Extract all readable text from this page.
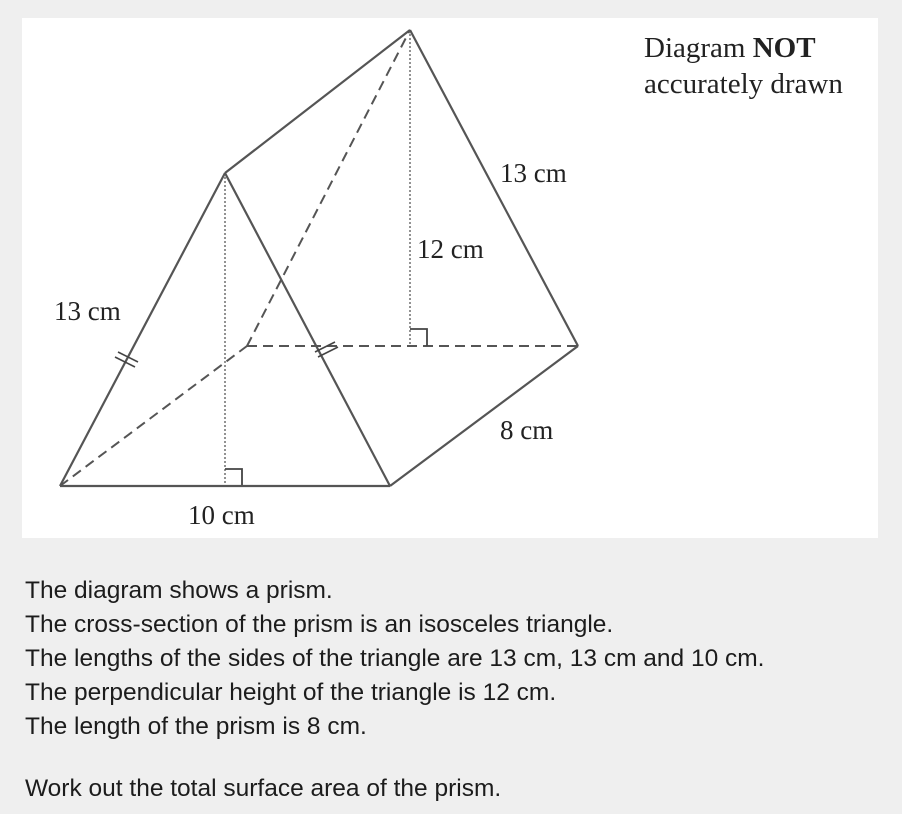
13 cm
13 cm
12 cm
8 cm
10 cm
Diagram NOT
accurately drawn

The diagram shows a prism.

The cross-section of the prism is an isosceles triangle.

The lengths of the sides of the triangle are 13 cm, 13 cm and 10 cm.

The perpendicular height of the triangle is 12 cm.

The length of the prism is 8 cm.

Work out the total surface area of the prism.
